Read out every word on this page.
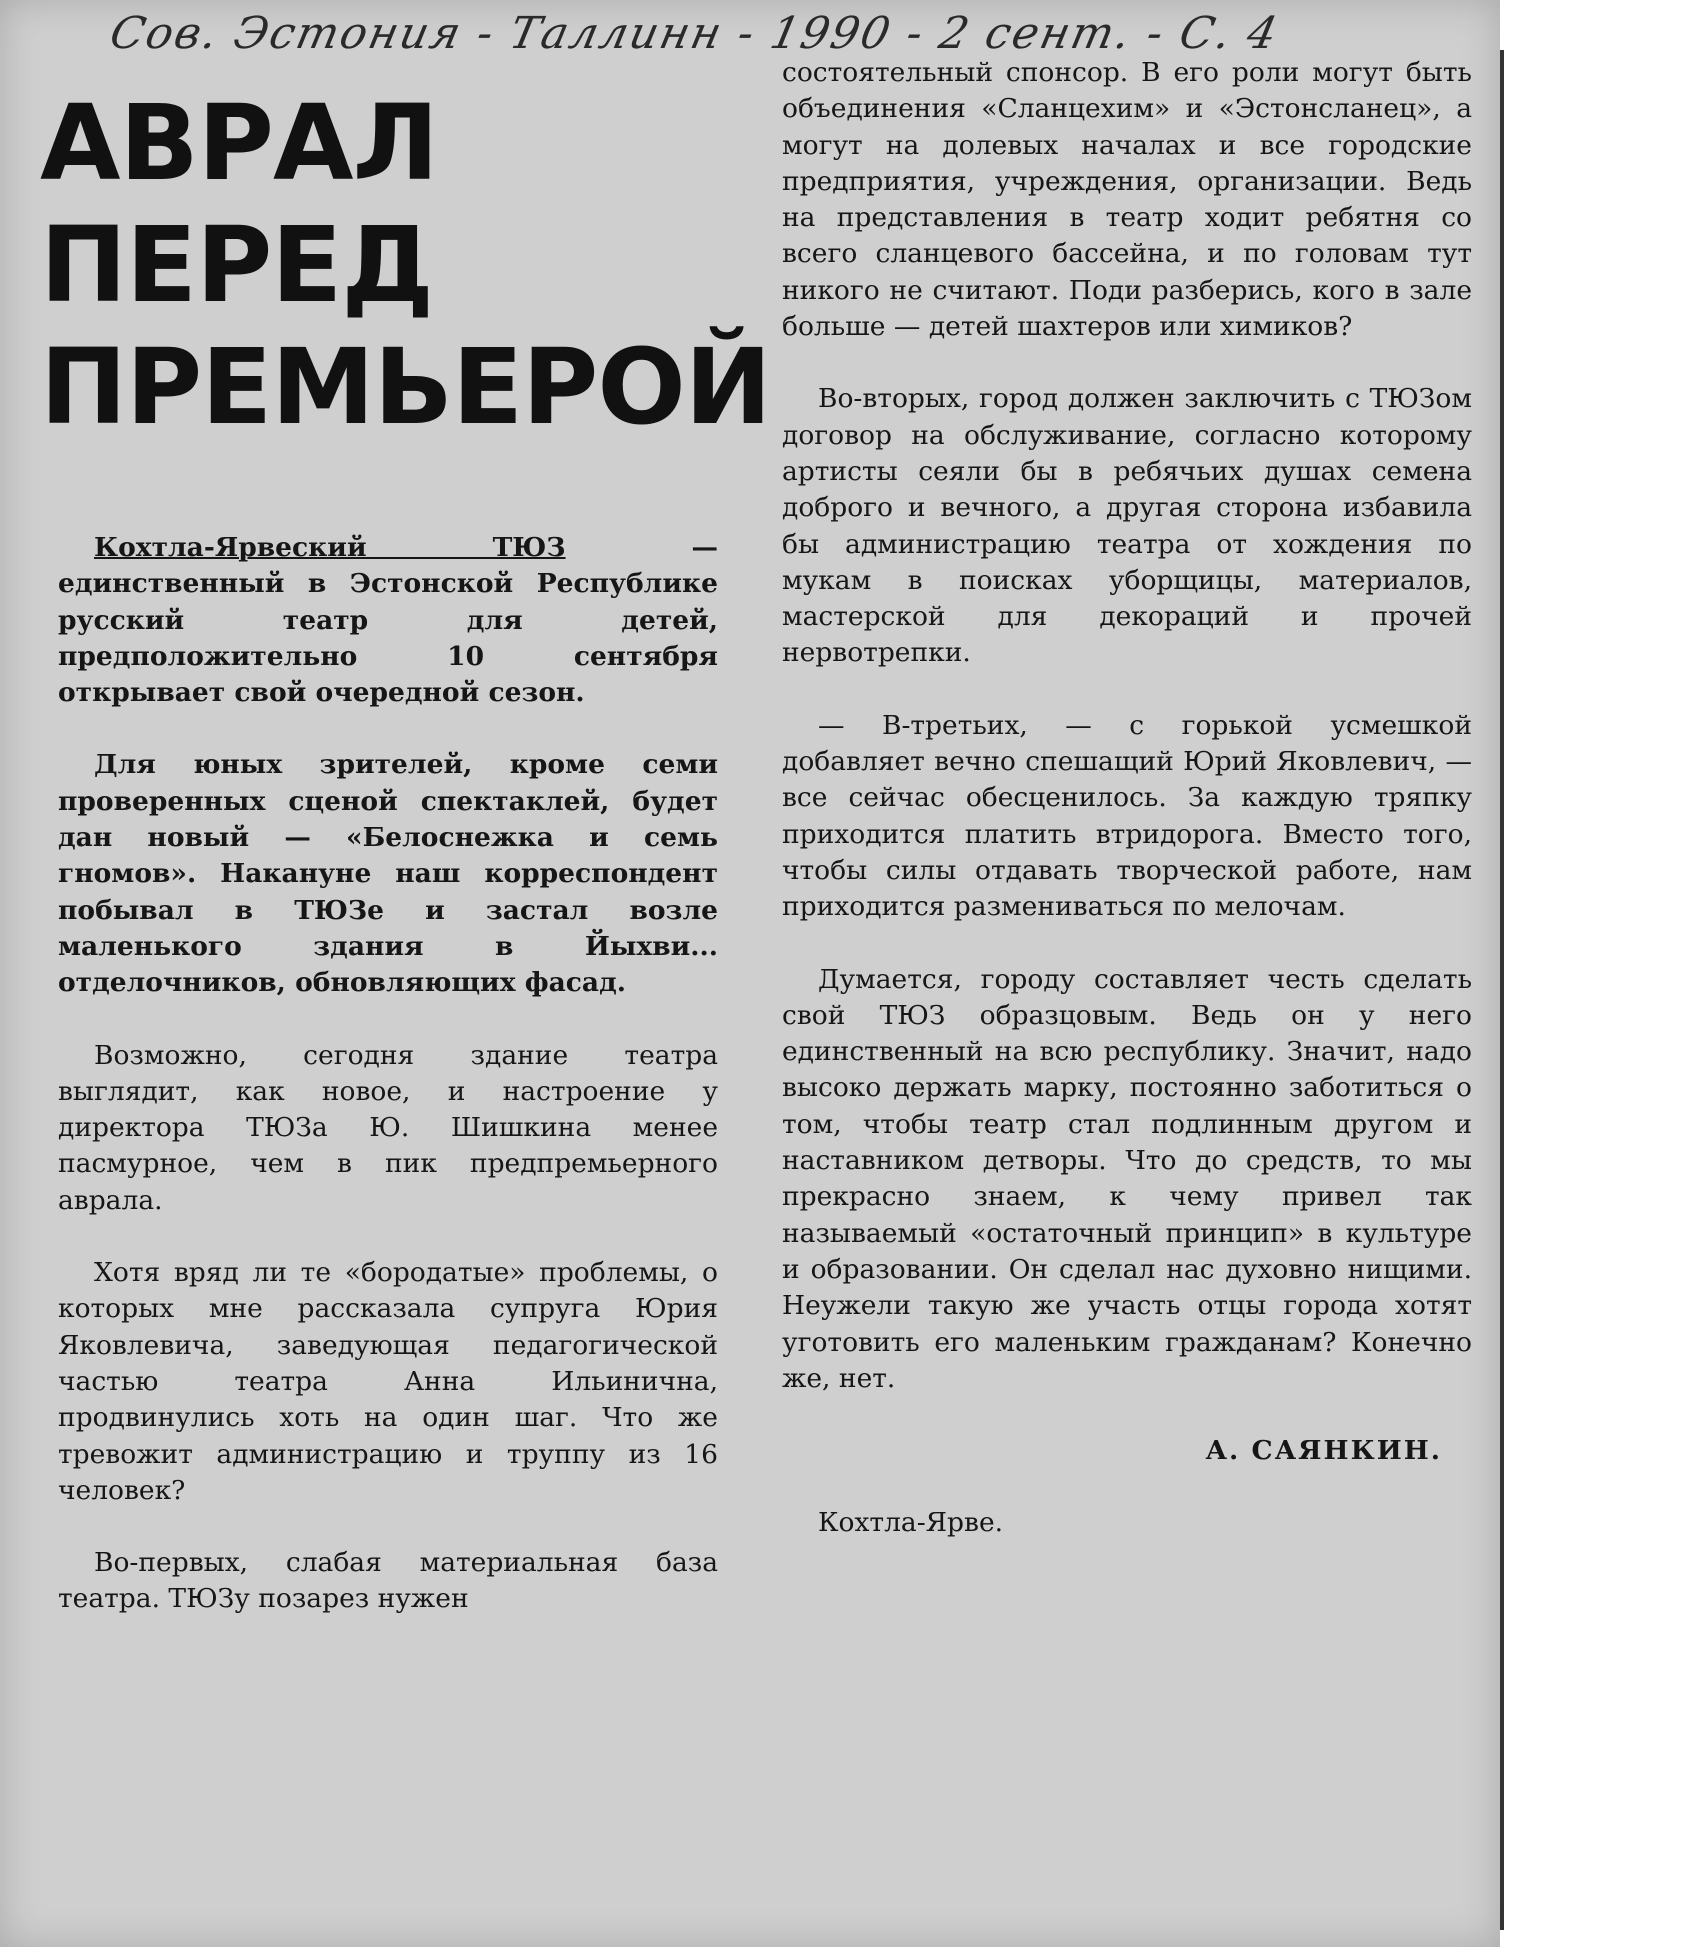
Сов. Эстония - Таллинн - 1990 - 2 сент. - С. 4
АВРАЛ
ПЕРЕД
ПРЕМЬЕРОЙ

Кохтла-Ярвеский ТЮЗ — единственный в Эстонской Республике русский театр для детей, предположительно 10 сентября открывает свой очередной сезон.

Для юных зрителей, кроме семи проверенных сценой спектаклей, будет дан новый — «Белоснежка и семь гномов». Накануне наш корреспондент побывал в ТЮЗе и застал возле маленького здания в Йыхви... отделочников, обновляющих фасад.

Возможно, сегодня здание театра выглядит, как новое, и настроение у директора ТЮЗа Ю. Шишкина менее пасмурное, чем в пик предпремьерного аврала.

Хотя вряд ли те «бородатые» проблемы, о которых мне рассказала супруга Юрия Яковлевича, заведующая педагогической частью театра Анна Ильинична, продвинулись хоть на один шаг. Что же тревожит администрацию и труппу из 16 человек?

Во-первых, слабая материальная база театра. ТЮЗу позарез нужен

состоятельный спонсор. В его роли могут быть объединения «Сланцехим» и «Эстонсланец», а могут на долевых началах и все городские предприятия, учреждения, организации. Ведь на представления в театр ходит ребятня со всего сланцевого бассейна, и по головам тут никого не считают. Поди разберись, кого в зале больше — детей шахтеров или химиков?

Во-вторых, город должен заключить с ТЮЗом договор на обслуживание, согласно которому артисты сеяли бы в ребячьих душах семена доброго и вечного, а другая сторона избавила бы администрацию театра от хождения по мукам в поисках уборщицы, материалов, мастерской для декораций и прочей нервотрепки.

— В-третьих, — с горькой усмешкой добавляет вечно спешащий Юрий Яковлевич, — все сейчас обесценилось. За каждую тряпку приходится платить втридорога. Вместо того, чтобы силы отдавать творческой работе, нам приходится размениваться по мелочам.

Думается, городу составляет честь сделать свой ТЮЗ образцовым. Ведь он у него единственный на всю республику. Значит, надо высоко держать марку, постоянно заботиться о том, чтобы театр стал подлинным другом и наставником детворы. Что до средств, то мы прекрасно знаем, к чему привел так называемый «остаточный принцип» в культуре и образовании. Он сделал нас духовно нищими. Неужели такую же участь отцы города хотят уготовить его маленьким гражданам? Конечно же, нет.

А. САЯНКИН.

Кохтла-Ярве.
